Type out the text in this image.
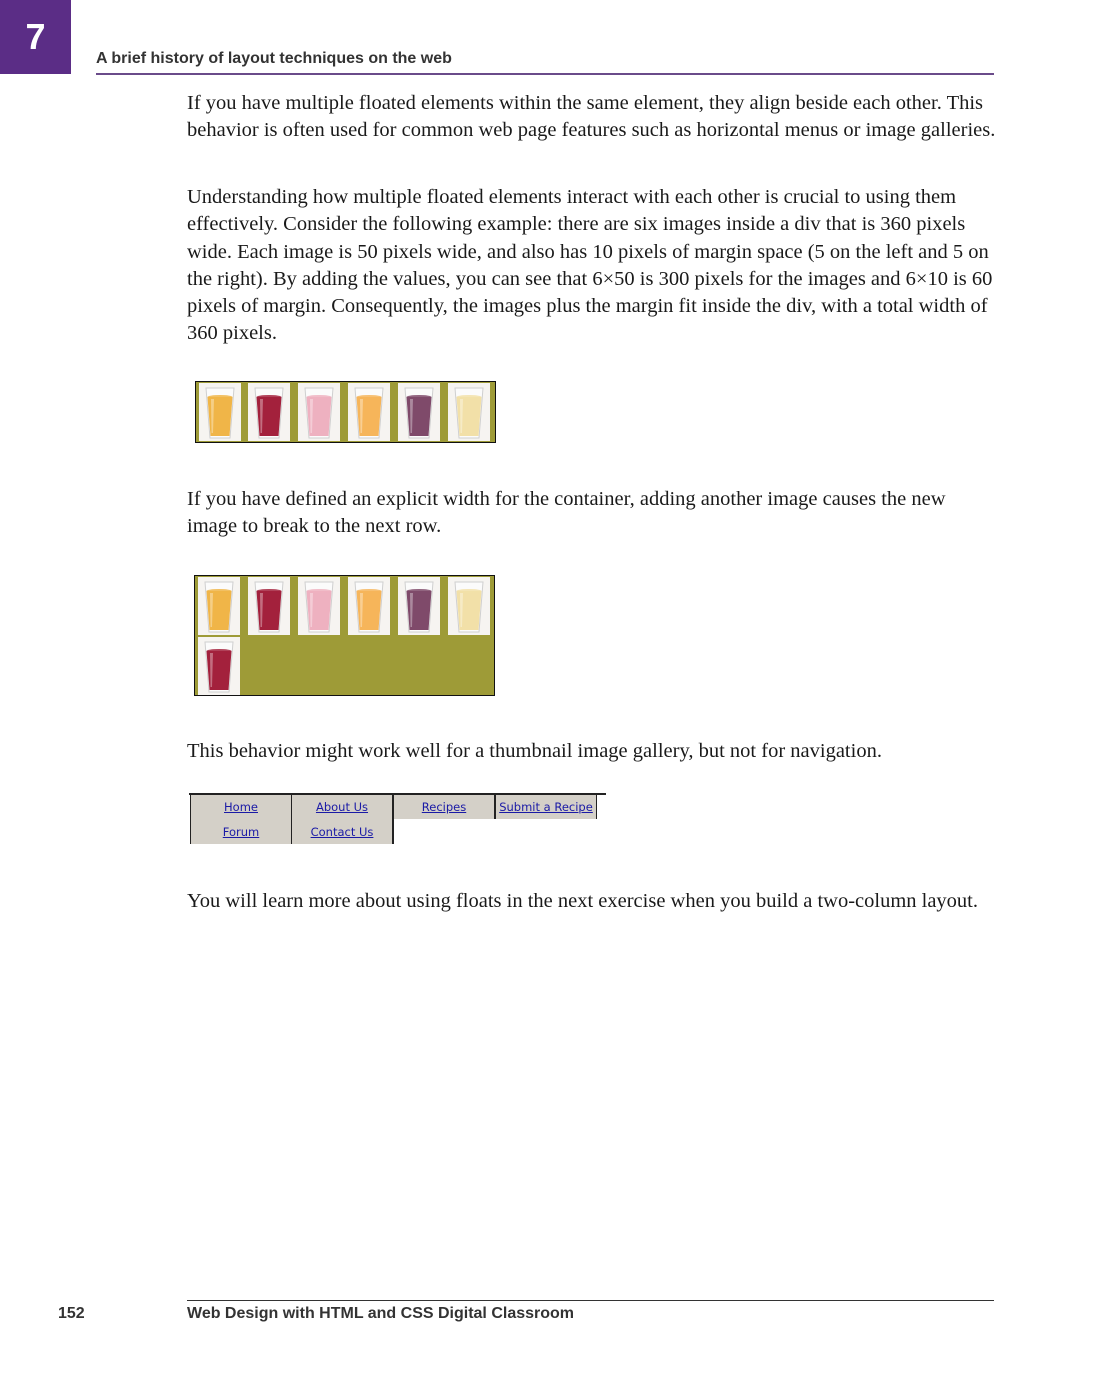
7
A brief history of layout techniques on the web

If you have multiple floated elements within the same element, they align beside each other. This behavior is often used for common web page features such as horizontal menus or image galleries.

Understanding how multiple floated elements interact with each other is crucial to using them effectively. Consider the following example: there are six images inside a div that is 360 pixels wide. Each image is 50 pixels wide, and also has 10 pixels of margin space (5 on the left and 5 on the right). By adding the values, you can see that 6×50 is 300 pixels for the images and 6×10 is 60 pixels of margin. Consequently, the images plus the margin fit inside the div, with a total width of 360 pixels.

If you have defined an explicit width for the container, adding another image causes the new image to break to the next row.

This behavior might work well for a thumbnail image gallery, but not for navigation.

Home	About Us	Recipes	Submit a Recipe
Forum	Contact Us

You will learn more about using floats in the next exercise when you build a two-column layout.

152	Web Design with HTML and CSS Digital Classroom
